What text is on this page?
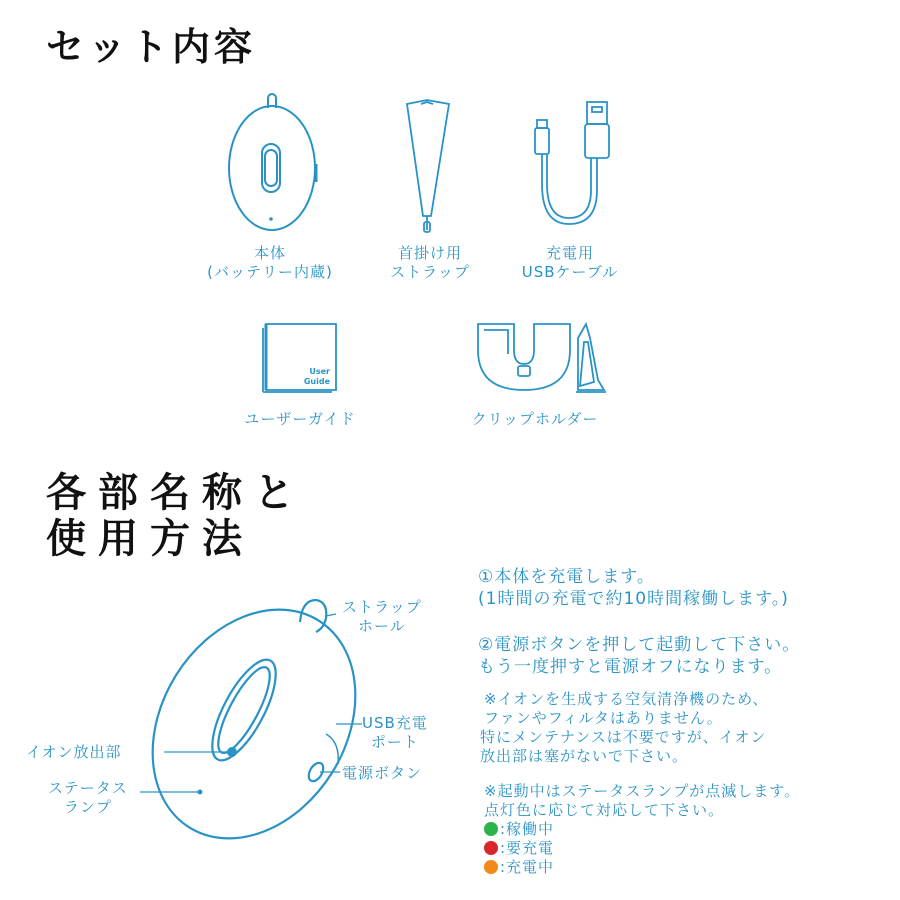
セット内容
本体
(バッテリー内蔵)
首掛け用
ストラップ
充電用
USBケーブル
User
Guide
ユーザーガイド	クリップホルダー
各部名称と
使用方法
ストラップ
ホール
USB充電
ポート
電源ボタン
イオン放出部
ステータス
ランプ
①本体を充電します。
(1時間の充電で約10時間稼働します。)
②電源ボタンを押して起動して下さい。
もう一度押すと電源オフになります。
※イオンを生成する空気清浄機のため、
ファンやフィルタはありません。
特にメンテナンスは不要ですが、イオン
放出部は塞がないで下さい。
※起動中はステータスランプが点滅します。
点灯色に応じて対応して下さい。
:稼働中
:要充電
:充電中
